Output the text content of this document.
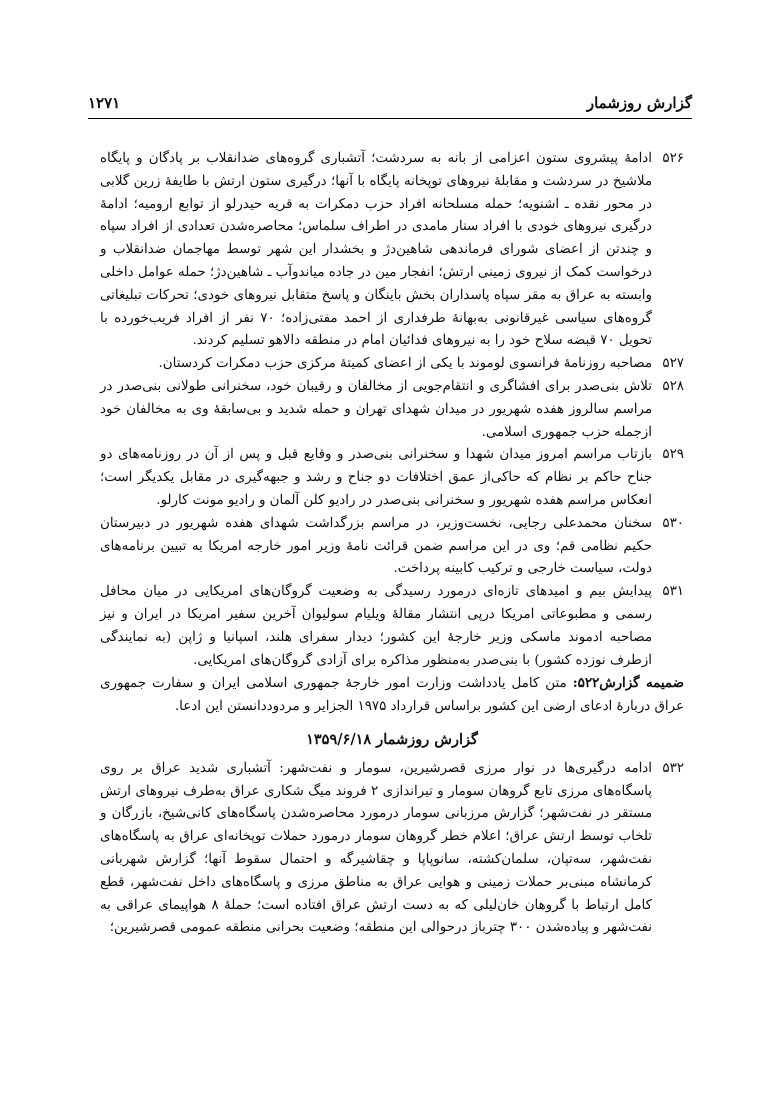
گزارش روزشمار
۱۲۷۱

۵۲۶
ادامهٔ پیشروی ستون اعزامی از بانه به سردشت؛ آتشباری گروه‌های ضدانقلاب بر پادگان و پایگاه ملاشیخ در سردشت و مقابلهٔ نیروهای توپخانه پایگاه با آنها؛ درگیری ستون ارتش با طایفهٔ زرین گلابی در محور نقده ـ اشنویه؛ حمله مسلحانه افراد حزب دمکرات به قریه حیدرلو از توابع ارومیه؛ ادامهٔ درگیری نیروهای خودی با افراد سنار مامدی در اطراف سلماس؛ محاصره‌شدن تعدادی از افراد سپاه و چندتن از اعضای شورای فرماندهی شاهین‌دژ و بخشدار این شهر توسط مهاجمان ضدانقلاب و درخواست کمک از نیروی زمینی ارتش؛ انفجار مین در جاده میاندوآب ـ شاهین‌دژ؛ حمله عوامل داخلی وابسته به عراق به مقر سپاه پاسداران بخش باینگان و پاسخ متقابل نیروهای خودی؛ تحرکات تبلیغاتی گروه‌های سیاسی غیرقانونی به‌بهانهٔ طرفداری از احمد مفتی‌زاده؛ ۷۰ نفر از افراد فریب‌خورده با تحویل ۷۰ قبضه سلاح خود را به نیروهای فدائیان امام در منطقه دالاهو تسلیم کردند.

۵۲۷
مصاحبه روزنامهٔ فرانسوی لوموند با یکی از اعضای کمیتهٔ مرکزی حزب دمکرات کردستان.

۵۲۸
تلاش بنی‌صدر برای افشاگری و انتقام‌جویی از مخالفان و رقیبان خود، سخنرانی طولانی بنی‌صدر در مراسم سالروز هفده شهریور در میدان شهدای تهران و حمله شدید و بی‌سابقهٔ وی به مخالفان خود ازجمله حزب جمهوری اسلامی.

۵۲۹
بازتاب مراسم امروز میدان شهدا و سخنرانی بنی‌صدر و وقایع قبل و پس از آن در روزنامه‌های دو جناح حاکم بر نظام که حاکی‌از عمق اختلافات دو جناح و رشد و جبهه‌گیری در مقابل یکدیگر است؛ انعکاس مراسم هفده شهریور و سخنرانی بنی‌صدر در رادیو کلن آلمان و رادیو مونت کارلو.

۵۳۰
سخنان محمدعلی رجایی، نخست‌وزیر، در مراسم بزرگداشت شهدای هفده شهریور در دبیرستان حکیم نظامی قم؛ وی در این مراسم ضمن قرائت نامهٔ وزیر امور خارجه امریکا به تبیین برنامه‌های دولت، سیاست خارجی و ترکیب کابینه پرداخت.

۵۳۱
پیدایش بیم و امیدهای تازه‌ای درمورد رسیدگی به وضعیت گروگان‌های امریکایی در میان محافل رسمی و مطبوعاتی امریکا درپی انتشار مقالهٔ ویلیام سولیوان آخرین سفیر امریکا در ایران و نیز مصاحبه ادموند ماسکی وزیر خارجهٔ این کشور؛ دیدار سفرای هلند، اسپانیا و ژاپن (به نمایندگی ازطرف نوزده کشور) با بنی‌صدر به‌منظور مذاکره برای آزادی گروگان‌های امریکایی.

ضمیمه گزارش۵۲۲: متن کامل یادداشت وزارت امور خارجهٔ جمهوری اسلامی ایران و سفارت جمهوری عراق دربارهٔ ادعای ارضی این کشور براساس قرارداد ۱۹۷۵ الجزایر و مردوددانستن این ادعا.

گزارش روزشمار ۱۳۵۹/۶/۱۸

۵۳۲
ادامه درگیری‌ها در نوار مرزی قصرشیرین، سومار و نفت‌شهر: آتشباری شدید عراق بر روی پاسگاه‌های مرزی تابع گروهان سومار و تیراندازی ۲ فروند میگ شکاری عراق به‌طرف نیروهای ارتش مستقر در نفت‌شهر؛ گزارش مرزبانی سومار درمورد محاصره‌شدن پاسگاه‌های کانی‌شیخ، بازرگان و تلخاب توسط ارتش عراق؛ اعلام خطر گروهان سومار درمورد حملات توپخانه‌ای عراق به پاسگاه‌های نفت‌شهر، سه‌تپان، سلمان‌کشته، سانوپاپا و چقاشیرگه و احتمال سقوط آنها؛ گزارش شهربانی کرمانشاه مبنی‌بر حملات زمینی و هوایی عراق به مناطق مرزی و پاسگاه‌های داخل نفت‌شهر، قطع کامل ارتباط با گروهان خان‌لیلی که به دست ارتش عراق افتاده است؛ حملهٔ ۸ هواپیمای عراقی به نفت‌شهر و پیاده‌شدن ۳۰۰ چترباز درحوالی این منطقه؛ وضعیت بحرانی منطقه عمومی قصرشیرین؛
